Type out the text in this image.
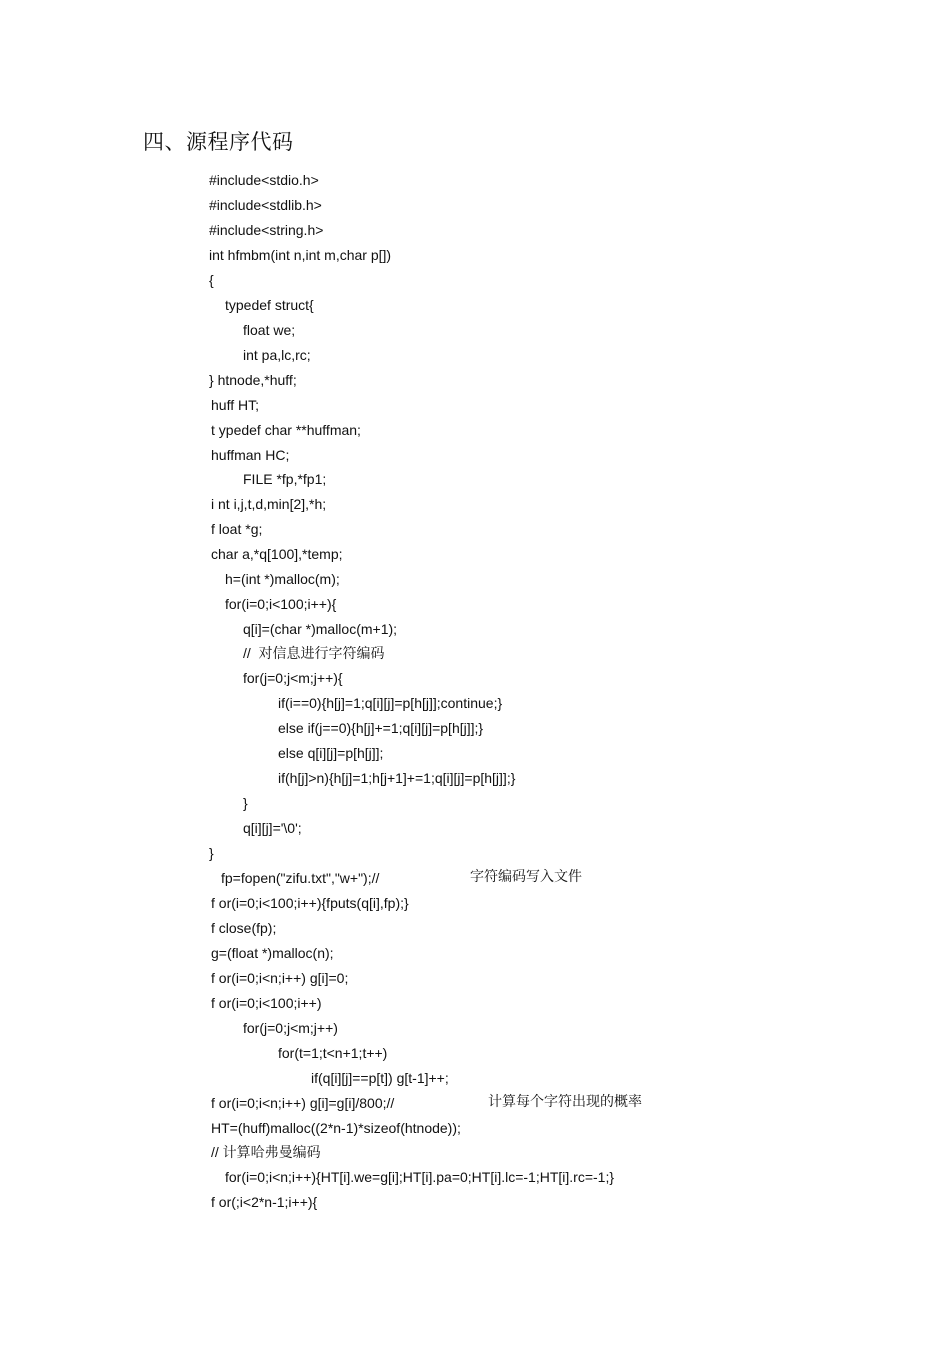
四、源程序代码
#include<stdio.h>
#include<stdlib.h>
#include<string.h>
int hfmbm(int n,int m,char p[])
{
typedef struct{
float we;
int pa,lc,rc;
} htnode,*huff;
huff HT;
t ypedef char **huffman;
huffman HC;
FILE *fp,*fp1;
i nt i,j,t,d,min[2],*h;
f loat *g;
char a,*q[100],*temp;
h=(int *)malloc(m);
for(i=0;i<100;i++){
q[i]=(char *)malloc(m+1);
//  对信息进行字符编码
for(j=0;j<m;j++){
if(i==0){h[j]=1;q[i][j]=p[h[j]];continue;}
else if(j==0){h[j]+=1;q[i][j]=p[h[j]];}
else q[i][j]=p[h[j]];
if(h[j]>n){h[j]=1;h[j+1]+=1;q[i][j]=p[h[j]];}
}
q[i][j]='\0';
}
fp=fopen("zifu.txt","w+");//
f or(i=0;i<100;i++){fputs(q[i],fp);}
f close(fp);
g=(float *)malloc(n);
f or(i=0;i<n;i++) g[i]=0;
f or(i=0;i<100;i++)
for(j=0;j<m;j++)
for(t=1;t<n+1;t++)
if(q[i][j]==p[t]) g[t-1]++;
f or(i=0;i<n;i++) g[i]=g[i]/800;//
HT=(huff)malloc((2*n-1)*sizeof(htnode));
// 计算哈弗曼编码
for(i=0;i<n;i++){HT[i].we=g[i];HT[i].pa=0;HT[i].lc=-1;HT[i].rc=-1;}
f or(;i<2*n-1;i++){
字符编码写入文件
计算每个字符出现的概率
